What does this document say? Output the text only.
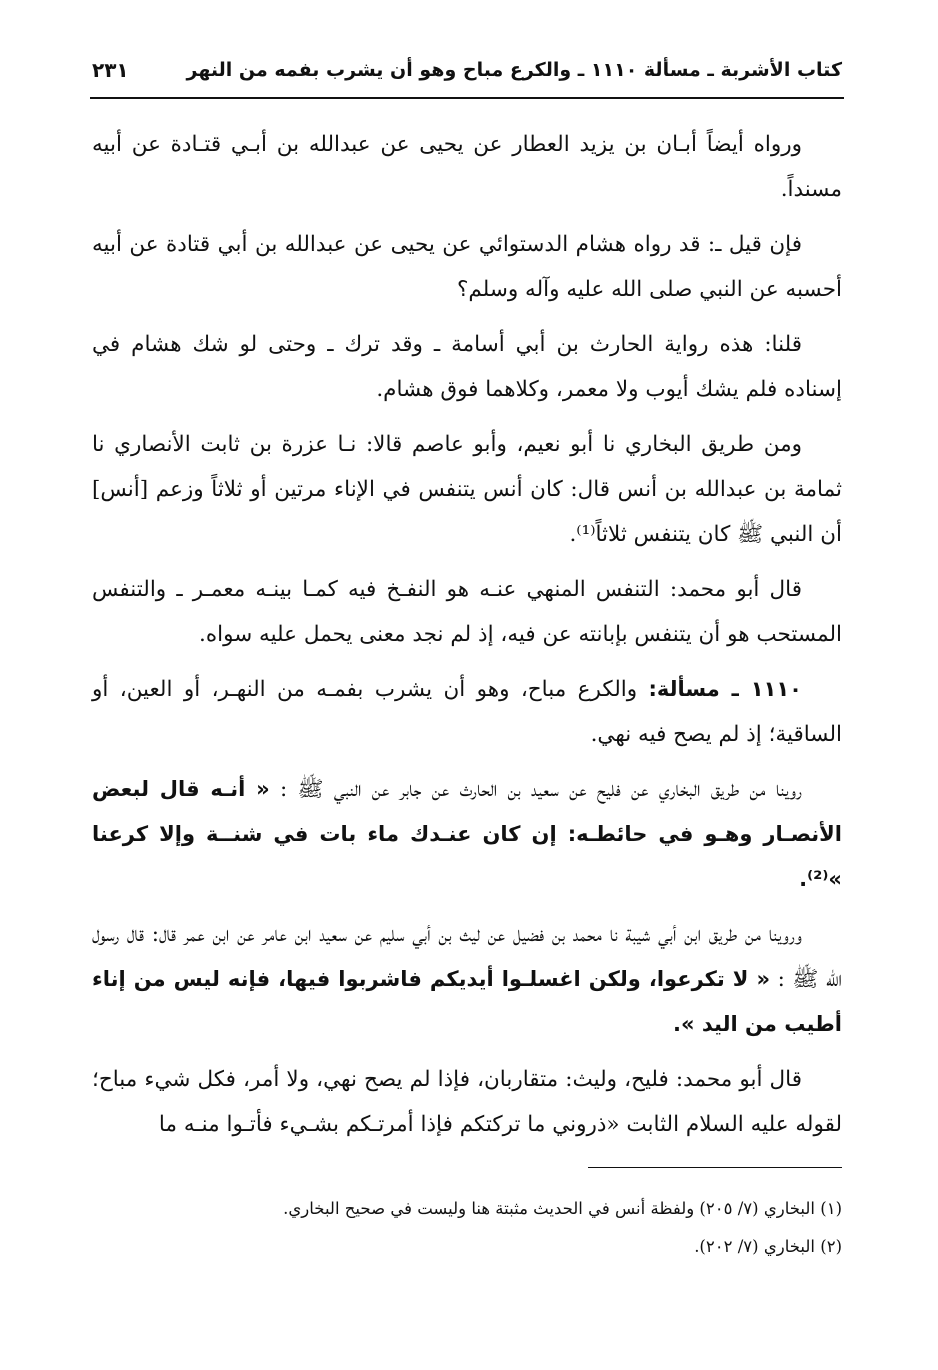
كتاب الأشربة ـ مسألة ١١١٠ ـ والكرع مباح وهو أن يشرب بفمه من النهر
٢٣١

ورواه أيضاً أبـان بن يزيد العطار عن يحيى عن عبدالله بن أبـي قتـادة عن أبيه مسنداً.

فإن قيل ـ: قد رواه هشام الدستوائي عن يحيى عن عبدالله بن أبي قتادة عن أبيه أحسبه عن النبي صلى الله عليه وآله وسلم؟

قلنا: هذه رواية الحارث بن أبي أسامة ـ وقد ترك ـ وحتى لو شك هشام في إسناده فلم يشك أيوب ولا معمر، وكلاهما فوق هشام.

ومن طريق البخاري نا أبو نعيم، وأبو عاصم قالا: نـا عزرة بن ثابت الأنصاري نا ثمامة بن عبدالله بن أنس قال: كان أنس يتنفس في الإناء مرتين أو ثلاثاً وزعم [أنس] أن النبي ﷺ كان يتنفس ثلاثاً⁽¹⁾.

قال أبو محمد: التنفس المنهي عنـه هو النفـخ فيه كمـا بينـه معمـر ـ والتنفس المستحب هو أن يتنفس بإبانته عن فيه، إذ لم نجد معنى يحمل عليه سواه.

١١١٠ ـ مسألة: والكرع مباح، وهو أن يشرب بفمـه من النهـر، أو العين، أو الساقية؛ إذ لم يصح فيه نهي.

روينا من طريق البخاري عن فليح عن سعيد بن الحارث عن جابر عن النبي ﷺ : « أنـه قال لبعض الأنصـار وهـو في حائطـه: إن كان عنـدك ماء بات في شنــة وإلا كرعنا »⁽²⁾.

وروينا من طريق ابن أبي شيبة نا محمد بن فضيل عن ليث بن أبي سليم عن سعيد ابن عامر عن ابن عمر قال: قال رسول الله ﷺ : « لا تكرعوا، ولكن اغسلـوا أيديكم فاشربوا فيها، فإنه ليس من إناء أطيب من اليد ».

قال أبو محمد: فليح، وليث: متقاربان، فإذا لم يصح نهي، ولا أمر، فكل شيء مباح؛ لقوله عليه السلام الثابت «ذروني ما تركتكم فإذا أمرتـكم بشـيء فأتـوا منـه ما

(١) البخاري (٧/ ٢٠٥) ولفظة أنس في الحديث مثبتة هنا وليست في صحيح البخاري.
(٢) البخاري (٧/ ٢٠٢).
